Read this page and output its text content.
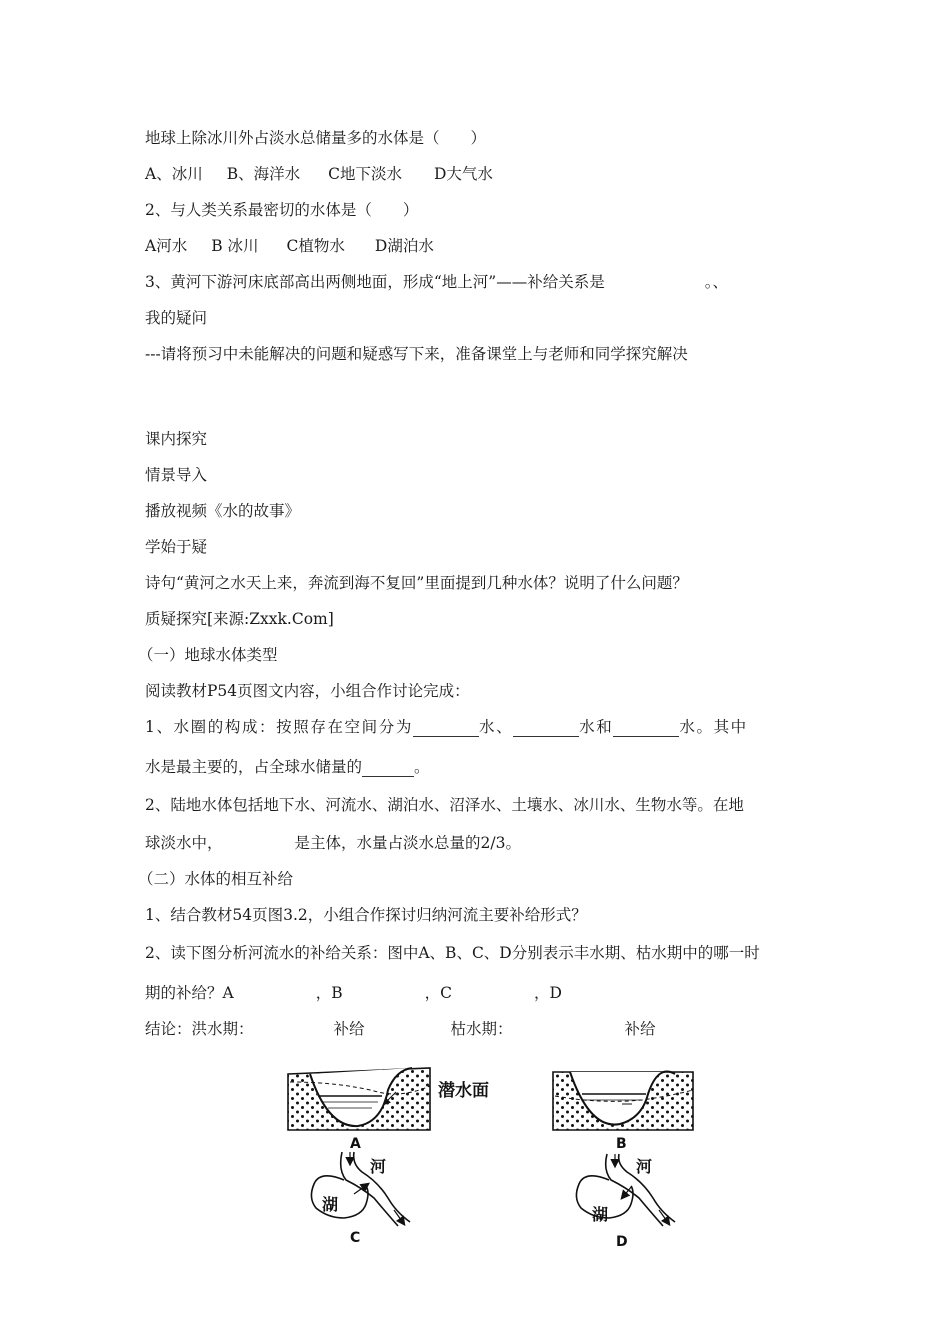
地球上除冰川外占淡水总储量多的水体是（　　）
A、冰川 B、海洋水 C地下淡水 D大气水
2、与人类关系最密切的水体是（　　）
A河水 B 冰川 C植物水 D湖泊水
3、黄河下游河床底部高出两侧地面，形成“地上河”——补给关系是	。、
我的疑问
---请将预习中未能解决的问题和疑惑写下来，准备课堂上与老师和同学探究解决
课内探究
情景导入
播放视频《水的故事》
学始于疑
诗句“黄河之水天上来，奔流到海不复回”里面提到几种水体？说明了什么问题？
质疑探究[来源:Zxxk.Com]
（一）地球水体类型
阅读教材P54页图文内容，小组合作讨论完成：
1、水圈的构成：按照存在空间分为	水、	水和	水。其中
水是最主要的，占全球水储量的	。
2、陆地水体包括地下水、河流水、湖泊水、沼泽水、土壤水、冰川水、生物水等。在地
球淡水中，	是主体，水量占淡水总量的2/3。
（二）水体的相互补给
1、结合教材54页图3.2，小组合作探讨归纳河流主要补给形式？
2、读下图分析河流水的补给关系：图中A、B、C、D分别表示丰水期、枯水期中的哪一时
期的补给？A	，B	，C	，D
结论：洪水期：	补给	枯水期：	补给
潜水面
A	B
河
湖
C
河
湖
D
